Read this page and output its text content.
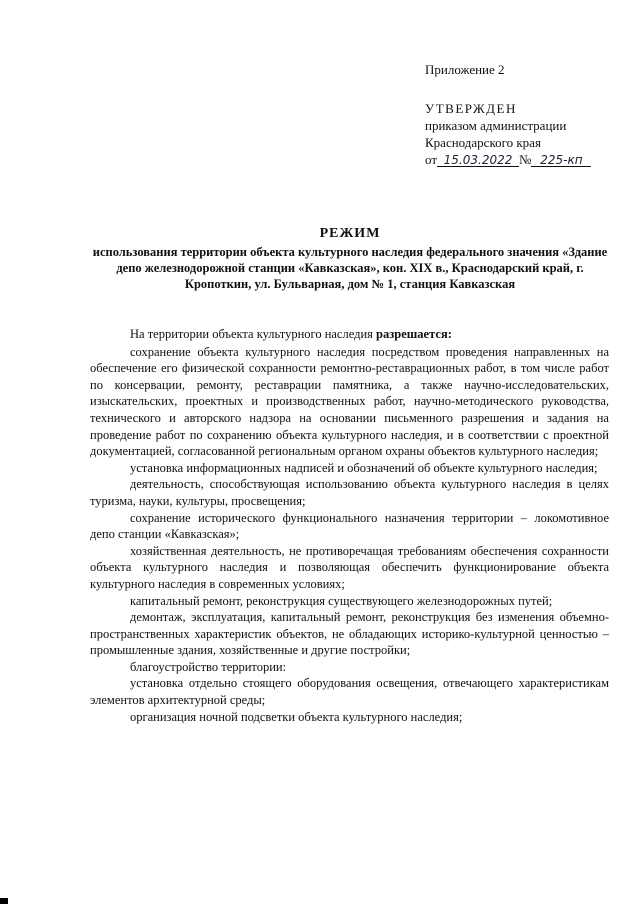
Приложение 2
УТВЕРЖДЕН
приказом администрации
Краснодарского края
от 15.03.2022 № 225-кп
РЕЖИМ
использования территории объекта культурного наследия федерального значения «Здание депо железнодорожной станции «Кавказская», кон. XIX в., Краснодарский край, г. Кропоткин, ул. Бульварная, дом № 1, станция Кавказская

На территории объекта культурного наследия разрешается:

сохранение объекта культурного наследия посредством проведения направленных на обеспечение его физической сохранности ремонтно-реставрационных работ, в том числе работ по консервации, ремонту, реставрации памятника, а также научно-исследовательских, изыскательских, проектных и производственных работ, научно-методического руководства, технического и авторского надзора на основании письменного разрешения и задания на проведение работ по сохранению объекта культурного наследия, и в соответствии с проектной документацией, согласованной региональным органом охраны объектов культурного наследия;

установка информационных надписей и обозначений об объекте культурного наследия;

деятельность, способствующая использованию объекта культурного наследия в целях туризма, науки, культуры, просвещения;

сохранение исторического функционального назначения территории – локомотивное депо станции «Кавказская»;

хозяйственная деятельность, не противоречащая требованиям обеспечения сохранности объекта культурного наследия и позволяющая обеспечить функционирование объекта культурного наследия в современных условиях;

капитальный ремонт, реконструкция существующего железнодорожных путей;

демонтаж, эксплуатация, капитальный ремонт, реконструкция без изменения объемно-пространственных характеристик объектов, не обладающих историко-культурной ценностью – промышленные здания, хозяйственные и другие постройки;

благоустройство территории:

установка отдельно стоящего оборудования освещения, отвечающего характеристикам элементов архитектурной среды;

организация ночной подсветки объекта культурного наследия;
